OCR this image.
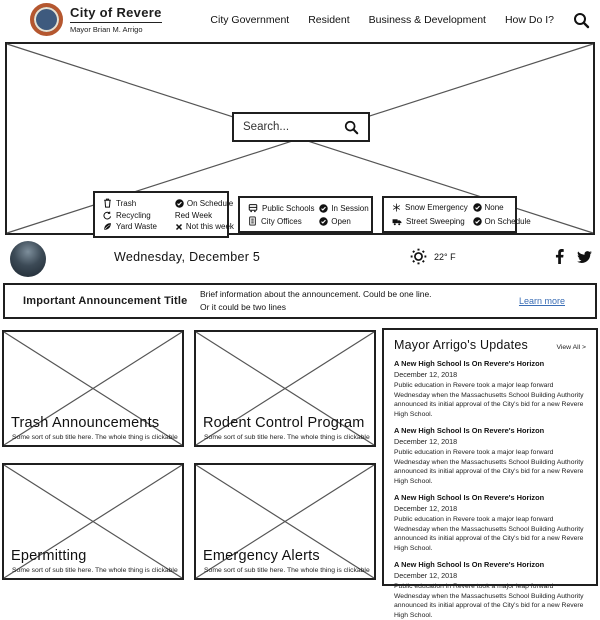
City of Revere
Mayor Brian M. Arrigo
City Government Resident Business & Development How Do I?
Search...
Trash	On Schedule
Recycling	Red Week
Yard Waste	Not this week
Public Schools In Session
City Offices	Open
Snow Emergency None
Street Sweeping On Schedule
Wednesday, December 5	22° F
Important Announcement Title
Brief information about the announcement. Could be one line.
Or it could be two lines
Learn more
Trash Announcements
Some sort of sub title here. The whole thing is clickable
Rodent Control Program
Some sort of sub title here. The whole thing is clickable
Epermitting
Some sort of sub title here. The whole thing is clickable
Emergency Alerts
Some sort of sub title here. The whole thing is clickable
Mayor Arrigo's Updates	View All >
A New High School Is On Revere's Horizon
December 12, 2018
Public education in Revere took a major leap forward Wednesday when the Massachusetts School Building Authority announced its initial approval of the City's bid for a new Revere High School.
A New High School Is On Revere's Horizon
December 12, 2018
Public education in Revere took a major leap forward Wednesday when the Massachusetts School Building Authority announced its initial approval of the City's bid for a new Revere High School.
A New High School Is On Revere's Horizon
December 12, 2018
Public education in Revere took a major leap forward Wednesday when the Massachusetts School Building Authority announced its initial approval of the City's bid for a new Revere High School.
A New High School Is On Revere's Horizon
December 12, 2018
Public education in Revere took a major leap forward Wednesday when the Massachusetts School Building Authority announced its initial approval of the City's bid for a new Revere High School.
